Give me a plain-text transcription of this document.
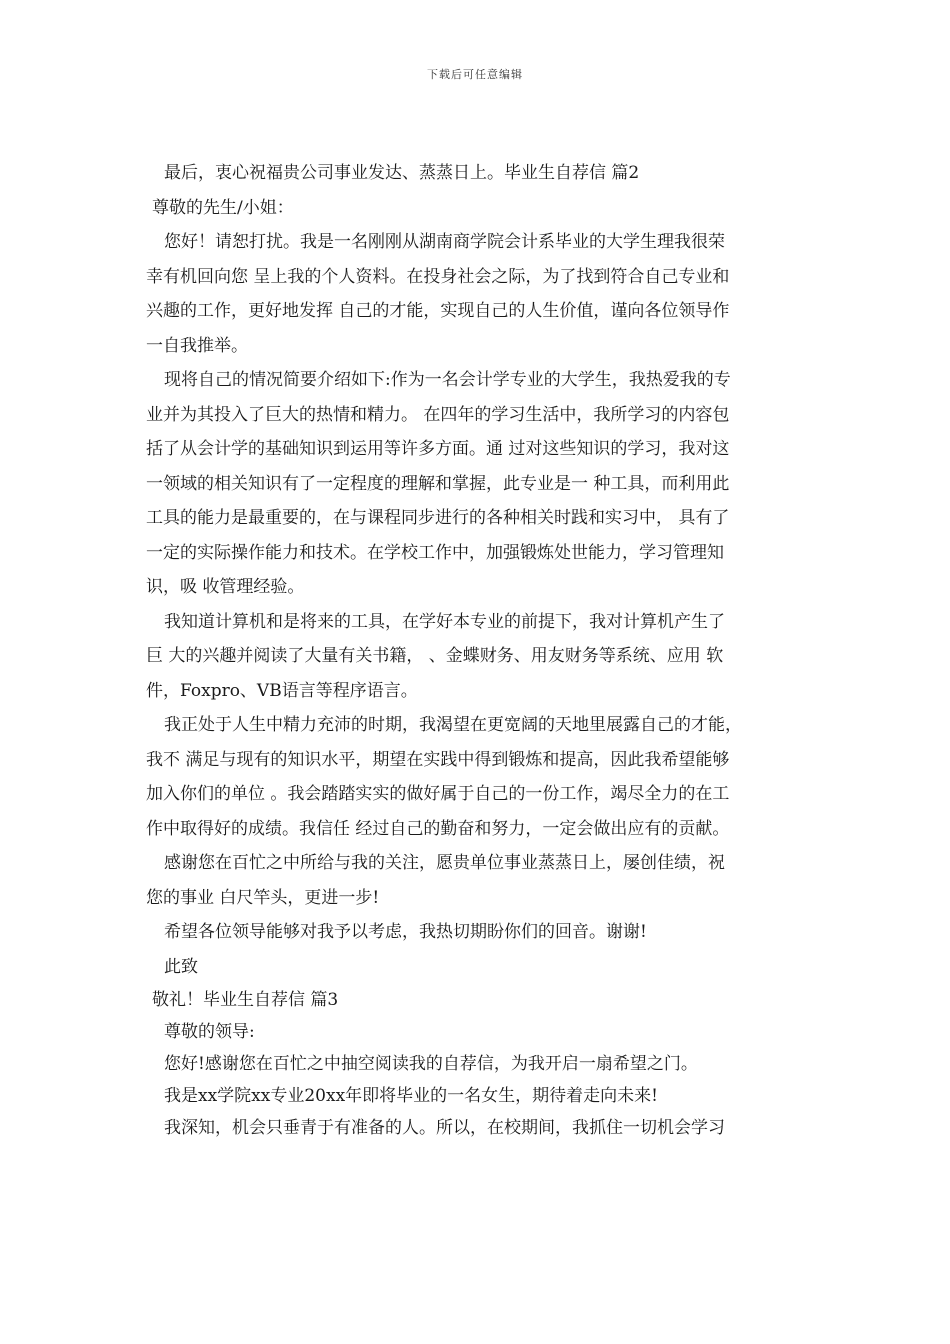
下载后可任意编辑
最后，衷心祝福贵公司事业发达、蒸蒸日上。毕业生自荐信 篇2
尊敬的先生/小姐：
您好！请恕打扰。我是一名刚刚从湖南商学院会计系毕业的大学生理我很荣
幸有机回向您 呈上我的个人资料。在投身社会之际，为了找到符合自己专业和
兴趣的工作，更好地发挥 自己的才能，实现自己的人生价值，谨向各位领导作
一自我推举。
现将自己的情况简要介绍如下:作为一名会计学专业的大学生，我热爱我的专
业并为其投入了巨大的热情和精力。 在四年的学习生活中，我所学习的内容包
括了从会计学的基础知识到运用等许多方面。通 过对这些知识的学习，我对这
一领域的相关知识有了一定程度的理解和掌握，此专业是一 种工具，而利用此
工具的能力是最重要的，在与课程同步进行的各种相关时践和实习中， 具有了
一定的实际操作能力和技术。在学校工作中，加强锻炼处世能力，学习管理知
识，吸 收管理经验。
我知道计算机和是将来的工具，在学好本专业的前提下，我对计算机产生了
巨 大的兴趣并阅读了大量有关书籍， 、金蝶财务、用友财务等系统、应用 软
件，Foxpro、VB语言等程序语言。
我正处于人生中精力充沛的时期，我渴望在更宽阔的天地里展露自己的才能，
我不 满足与现有的知识水平，期望在实践中得到锻炼和提高，因此我希望能够
加入你们的单位 。我会踏踏实实的做好属于自己的一份工作，竭尽全力的在工
作中取得好的成绩。我信任 经过自己的勤奋和努力，一定会做出应有的贡献。
感谢您在百忙之中所给与我的关注，愿贵单位事业蒸蒸日上，屡创佳绩，祝
您的事业 白尺竿头，更进一步!
希望各位领导能够对我予以考虑，我热切期盼你们的回音。谢谢!
此致
敬礼！毕业生自荐信 篇3
尊敬的领导:
您好!感谢您在百忙之中抽空阅读我的自荐信，为我开启一扇希望之门。
我是xx学院xx专业20xx年即将毕业的一名女生，期待着走向未来!
我深知，机会只垂青于有准备的人。所以，在校期间，我抓住一切机会学习
